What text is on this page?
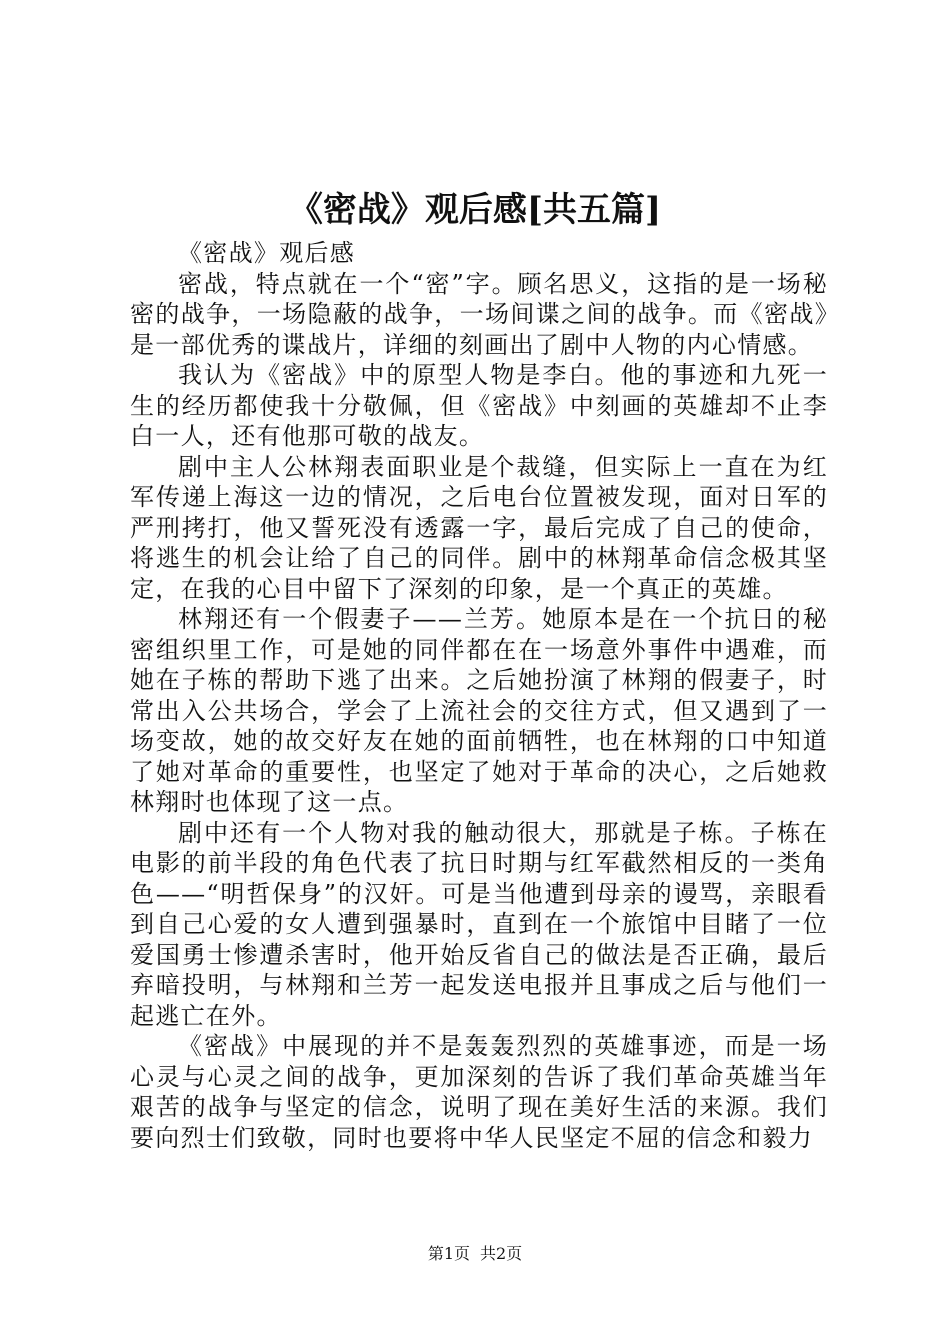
《密战》观后感[共五篇]

《密战》观后感

密战，特点就在一个“密”字。顾名思义，这指的是一场秘密的战争，一场隐蔽的战争，一场间谍之间的战争。而《密战》是一部优秀的谍战片，详细的刻画出了剧中人物的内心情感。

我认为《密战》中的原型人物是李白。他的事迹和九死一生的经历都使我十分敬佩，但《密战》中刻画的英雄却不止李白一人，还有他那可敬的战友。

剧中主人公林翔表面职业是个裁缝，但实际上一直在为红军传递上海这一边的情况，之后电台位置被发现，面对日军的严刑拷打，他又誓死没有透露一字，最后完成了自己的使命，将逃生的机会让给了自己的同伴。剧中的林翔革命信念极其坚定，在我的心目中留下了深刻的印象，是一个真正的英雄。

林翔还有一个假妻子——兰芳。她原本是在一个抗日的秘密组织里工作，可是她的同伴都在在一场意外事件中遇难，而她在子栋的帮助下逃了出来。之后她扮演了林翔的假妻子，时常出入公共场合，学会了上流社会的交往方式，但又遇到了一场变故，她的故交好友在她的面前牺牲，也在林翔的口中知道了她对革命的重要性，也坚定了她对于革命的决心，之后她救林翔时也体现了这一点。

剧中还有一个人物对我的触动很大，那就是子栋。子栋在电影的前半段的角色代表了抗日时期与红军截然相反的一类角色——“明哲保身”的汉奸。可是当他遭到母亲的谩骂，亲眼看到自己心爱的女人遭到强暴时，直到在一个旅馆中目睹了一位爱国勇士惨遭杀害时，他开始反省自己的做法是否正确，最后弃暗投明，与林翔和兰芳一起发送电报并且事成之后与他们一起逃亡在外。

《密战》中展现的并不是轰轰烈烈的英雄事迹，而是一场心灵与心灵之间的战争，更加深刻的告诉了我们革命英雄当年艰苦的战争与坚定的信念，说明了现在美好生活的来源。我们要向烈士们致敬，同时也要将中华人民坚定不屈的信念和毅力

第1页 共2页
